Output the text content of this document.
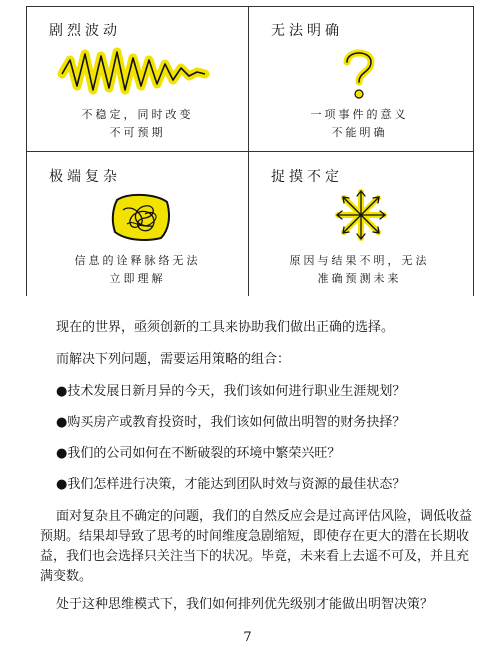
剧烈波动
不稳定，同时改变
不可预期
无法明确
一项事件的意义
不能明确
极端复杂
信息的诠释脉络无法
立即理解
捉摸不定
原因与结果不明，无法
准确预测未来
现在的世界，亟须创新的工具来协助我们做出正确的选择。
而解决下列问题，需要运用策略的组合：
●技术发展日新月异的今天，我们该如何进行职业生涯规划？
●购买房产或教育投资时，我们该如何做出明智的财务抉择？
●我们的公司如何在不断破裂的环境中繁荣兴旺？
●我们怎样进行决策，才能达到团队时效与资源的最佳状态？
面对复杂且不确定的问题，我们的自然反应会是过高评估风险，调低收益预期。结果却导致了思考的时间维度急剧缩短，即使存在更大的潜在长期收益，我们也会选择只关注当下的状况。毕竟，未来看上去遥不可及，并且充满变数。
处于这种思维模式下，我们如何排列优先级别才能做出明智决策？
7
